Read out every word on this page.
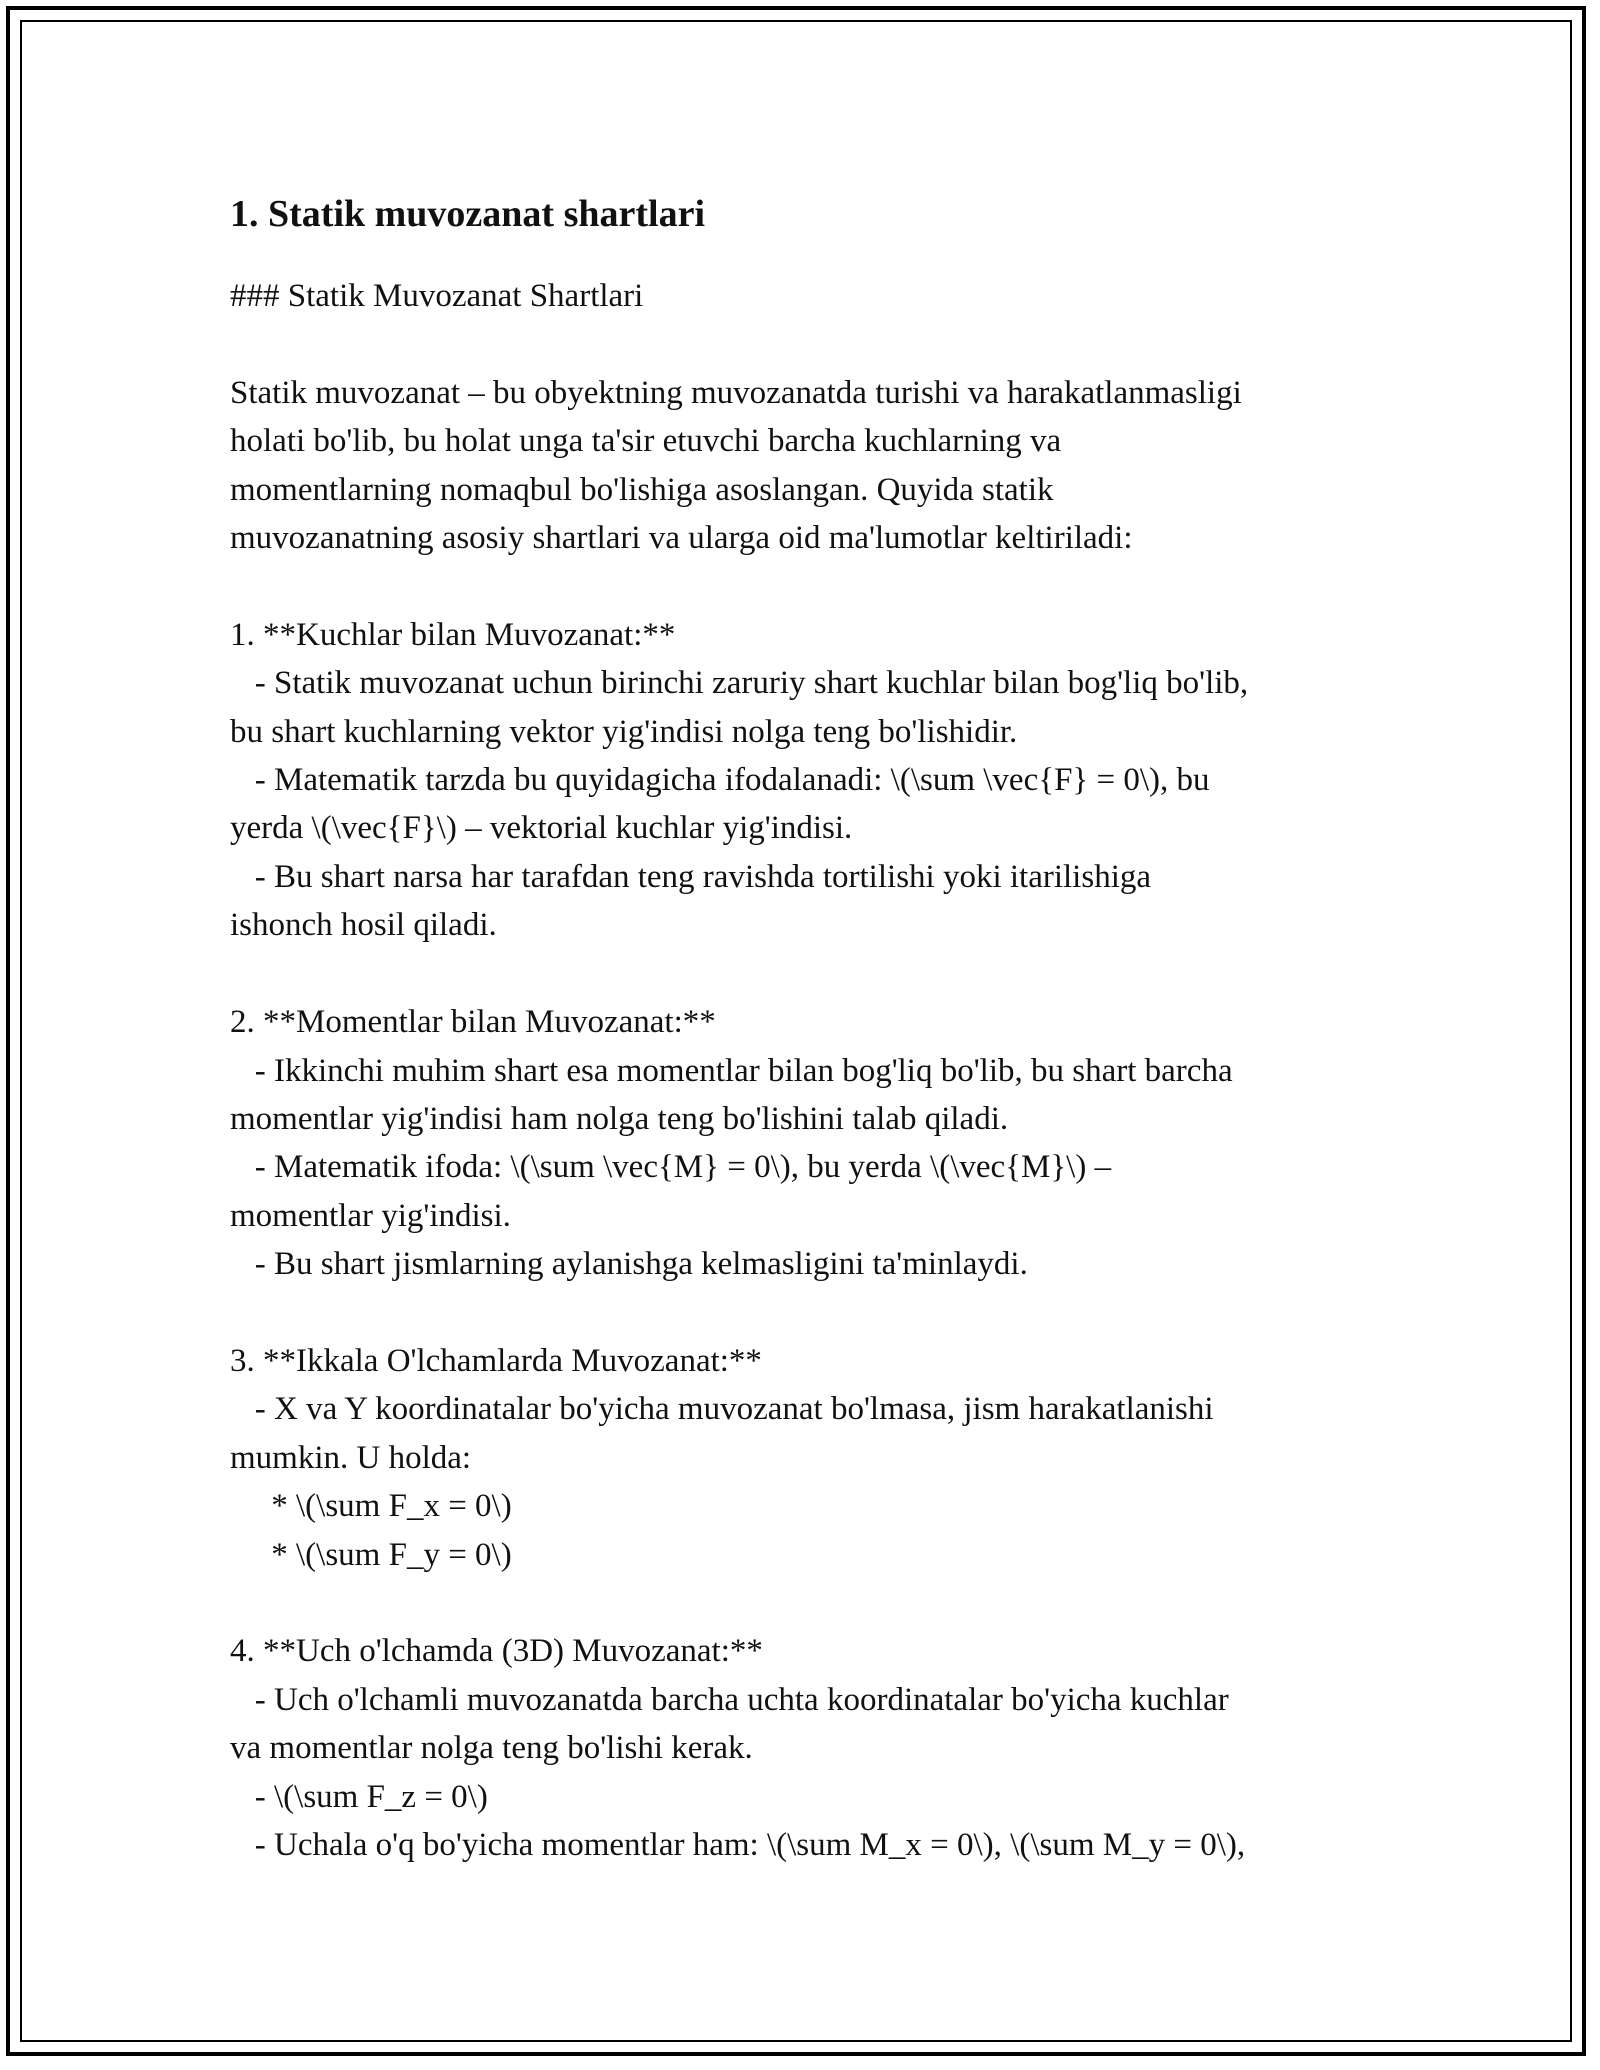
1. Statik muvozanat shartlari
### Statik Muvozanat Shartlari

Statik muvozanat – bu obyektning muvozanatda turishi va harakatlanmasligi
holati bo'lib, bu holat unga ta'sir etuvchi barcha kuchlarning va
momentlarning nomaqbul bo'lishiga asoslangan. Quyida statik
muvozanatning asosiy shartlari va ularga oid ma'lumotlar keltiriladi:

1. **Kuchlar bilan Muvozanat:**
- Statik muvozanat uchun birinchi zaruriy shart kuchlar bilan bog'liq bo'lib,
bu shart kuchlarning vektor yig'indisi nolga teng bo'lishidir.
- Matematik tarzda bu quyidagicha ifodalanadi: \(\sum \vec{F} = 0\), bu
yerda \(\vec{F}\) – vektorial kuchlar yig'indisi.
- Bu shart narsa har tarafdan teng ravishda tortilishi yoki itarilishiga
ishonch hosil qiladi.

2. **Momentlar bilan Muvozanat:**
- Ikkinchi muhim shart esa momentlar bilan bog'liq bo'lib, bu shart barcha
momentlar yig'indisi ham nolga teng bo'lishini talab qiladi.
- Matematik ifoda: \(\sum \vec{M} = 0\), bu yerda \(\vec{M}\) –
momentlar yig'indisi.
- Bu shart jismlarning aylanishga kelmasligini ta'minlaydi.

3. **Ikkala O'lchamlarda Muvozanat:**
- X va Y koordinatalar bo'yicha muvozanat bo'lmasa, jism harakatlanishi
mumkin. U holda:
* \(\sum F_x = 0\)
* \(\sum F_y = 0\)

4. **Uch o'lchamda (3D) Muvozanat:**
- Uch o'lchamli muvozanatda barcha uchta koordinatalar bo'yicha kuchlar
va momentlar nolga teng bo'lishi kerak.
- \(\sum F_z = 0\)
- Uchala o'q bo'yicha momentlar ham: \(\sum M_x = 0\), \(\sum M_y = 0\),
